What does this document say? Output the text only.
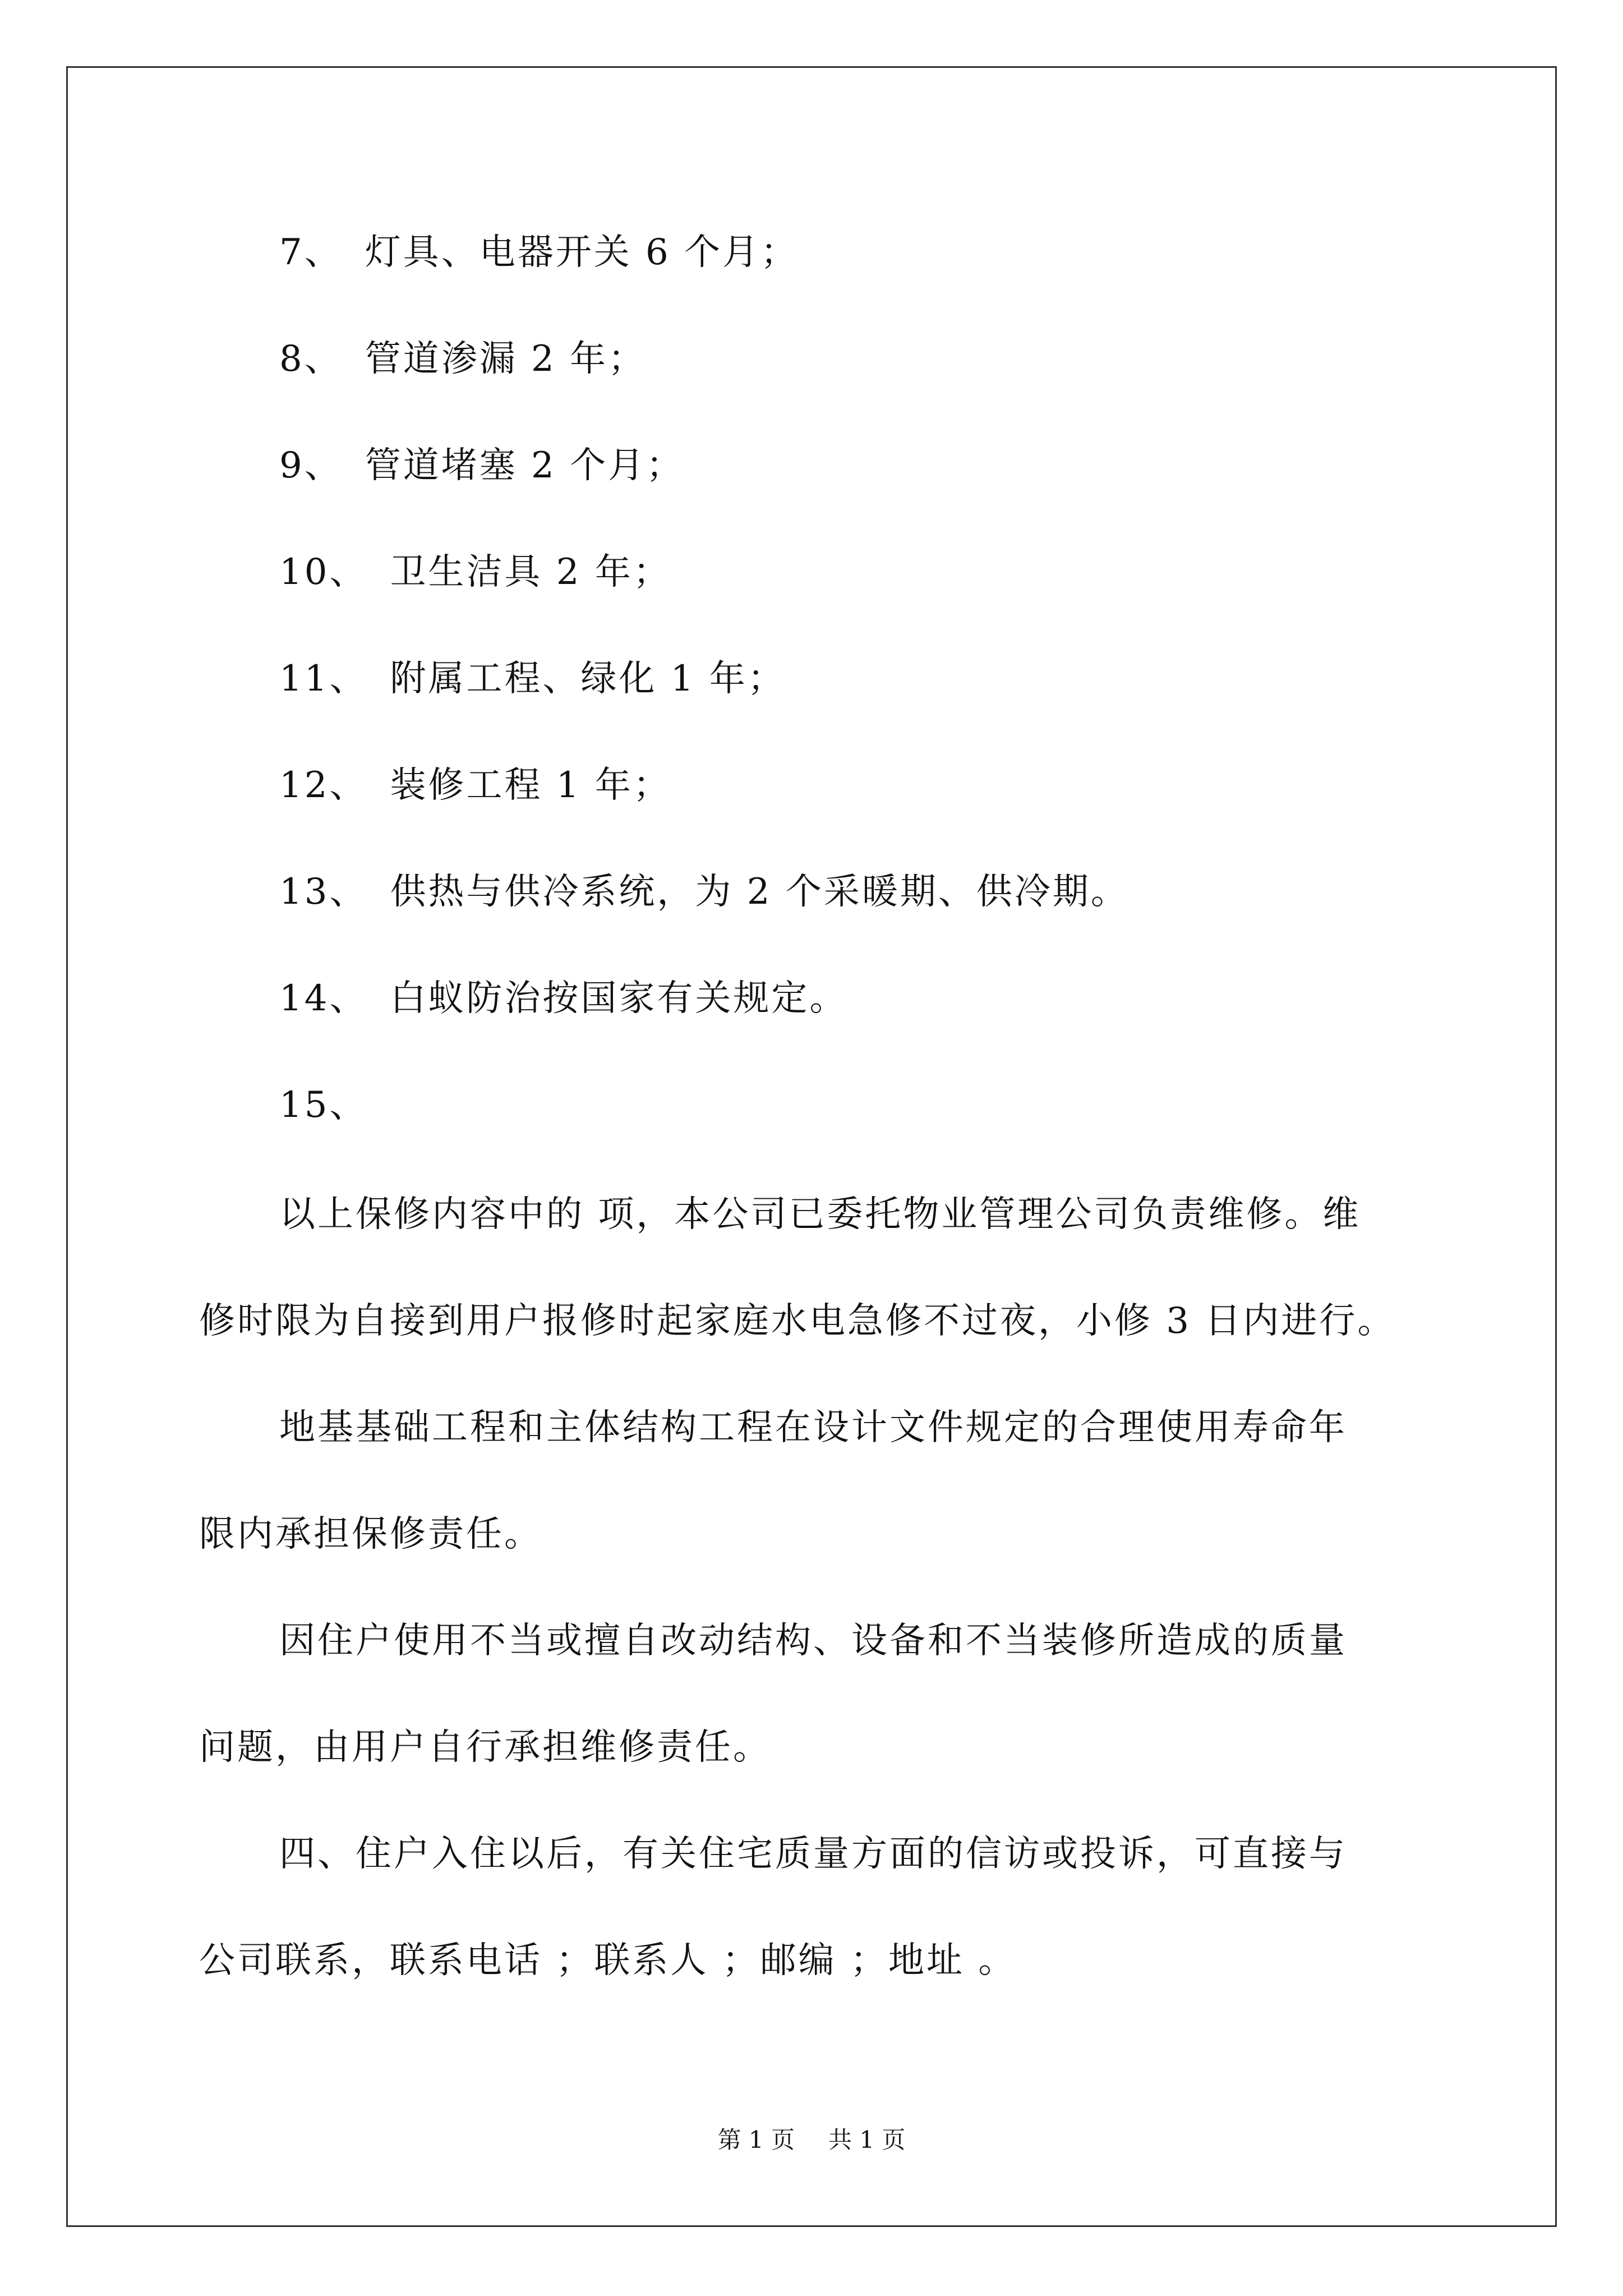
7、 灯具、电器开关 6 个月；
8、 管道渗漏 2 年；
9、 管道堵塞 2 个月；
10、 卫生洁具 2 年；
11、 附属工程、绿化 1 年；
12、 装修工程 1 年；
13、 供热与供冷系统，为 2 个采暖期、供冷期。
14、 白蚁防治按国家有关规定。
15、
以上保修内容中的 项，本公司已委托物业管理公司负责维修。维
修时限为自接到用户报修时起家庭水电急修不过夜，小修 3 日内进行。
地基基础工程和主体结构工程在设计文件规定的合理使用寿命年
限内承担保修责任。
因住户使用不当或擅自改动结构、设备和不当装修所造成的质量
问题，由用户自行承担维修责任。
四、住户入住以后，有关住宅质量方面的信访或投诉，可直接与
公司联系，联系电话 ；联系人 ；邮编 ；地址 。
第 1 页 共 1 页
